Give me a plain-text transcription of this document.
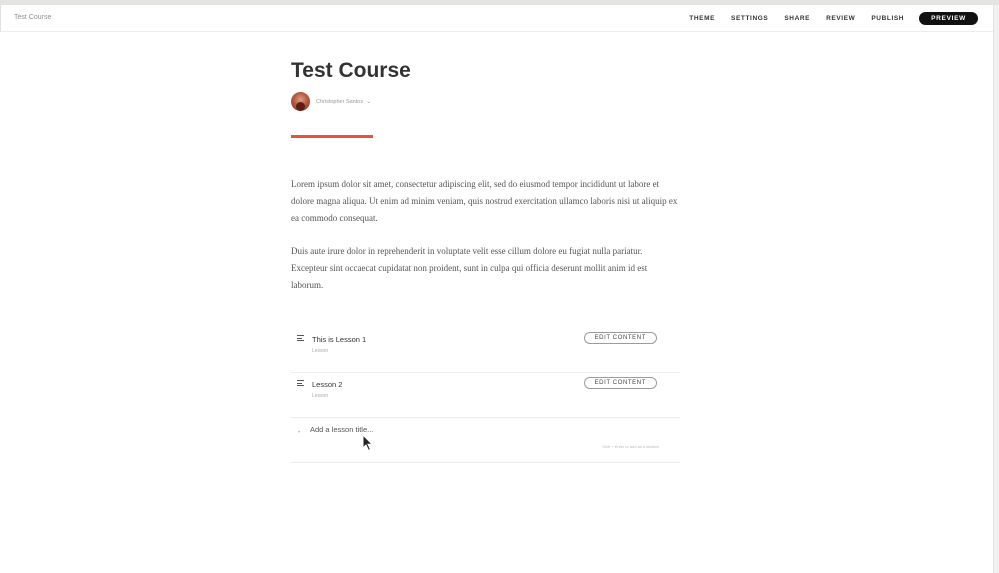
Test Course	THEME SETTINGS SHARE REVIEW PUBLISH	PREVIEW
Test Course
Christopher Santos ⌄

Lorem ipsum dolor sit amet, consectetur adipiscing elit, sed do eiusmod tempor incididunt ut labore et dolore magna aliqua. Ut enim ad minim veniam, quis nostrud exercitation ullamco laboris nisi ut aliquip ex ea commodo consequat.

Duis aute irure dolor in reprehenderit in voluptate velit esse cillum dolore eu fugiat nulla pariatur. Excepteur sint occaecat cupidatat non proident, sunt in culpa qui officia deserunt mollit anim id est laborum.

This is Lesson 1
Lesson
EDIT CONTENT
Lesson 2
Lesson
EDIT CONTENT
•
Add a lesson title...
Shift + Enter to add as a section
